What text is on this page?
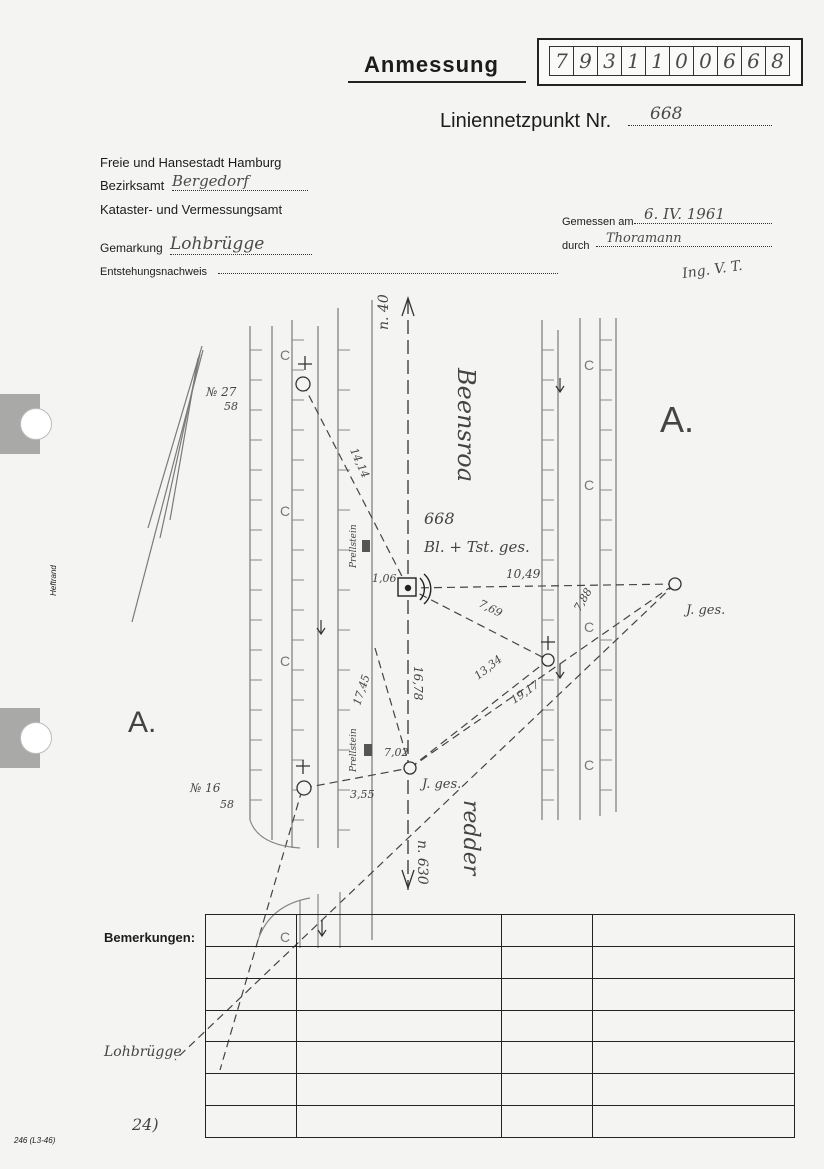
Heftrand
Anmessung	7 9 3 1 1 0 0 6 6 8
Liniennetzpunkt Nr.	668
Freie und Hansestadt Hamburg
Bezirksamt Bergedorf
Kataster- und Vermessungsamt
Gemarkung Lohbrügge
Entstehungsnachweis
Gemessen am 6. IV. 1961
durch	Thoramann
Ing. V. T.
C
C
C
C
C
C
C
C
Beensroa
redder
n. 40
n. 630
668
Bl. + Tst. ges.
A.
A.
№ 27
58
№ 16
58
J. ges.
J. ges.
Prellstein
Prellstein
Lohbrügge
24)
14,14
1,06	10,49
7,69
16,78
17,45
13,34
19,17
7,88
7,02
3,55
Bemerkungen:

246 (L3-46)
